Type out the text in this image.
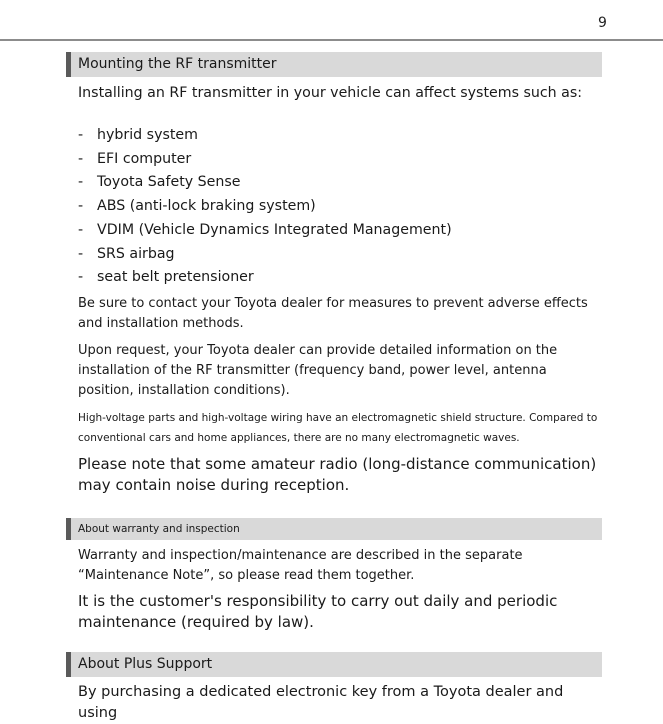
9
Mounting the RF transmitter

Installing an RF transmitter in your vehicle can affect systems such as:

- hybrid system
- EFI computer
- Toyota Safety Sense
- ABS (anti-lock braking system)
- VDIM (Vehicle Dynamics Integrated Management)
- SRS airbag
- seat belt pretensioner

Be sure to contact your Toyota dealer for measures to prevent adverse effects and installation methods.

Upon request, your Toyota dealer can provide detailed information on the installation of the RF transmitter (frequency band, power level, antenna position, installation conditions).

High-voltage parts and high-voltage wiring have an electromagnetic shield structure. Compared to conventional cars and home appliances, there are no many electromagnetic waves.

Please note that some amateur radio (long-distance communication) may contain noise during reception.

About warranty and inspection

Warranty and inspection/maintenance are described in the separate “Maintenance Note”, so please read them together.

It is the customer's responsibility to carry out daily and periodic maintenance (required by law).

About Plus Support

By purchasing a dedicated electronic key from a Toyota dealer and using
